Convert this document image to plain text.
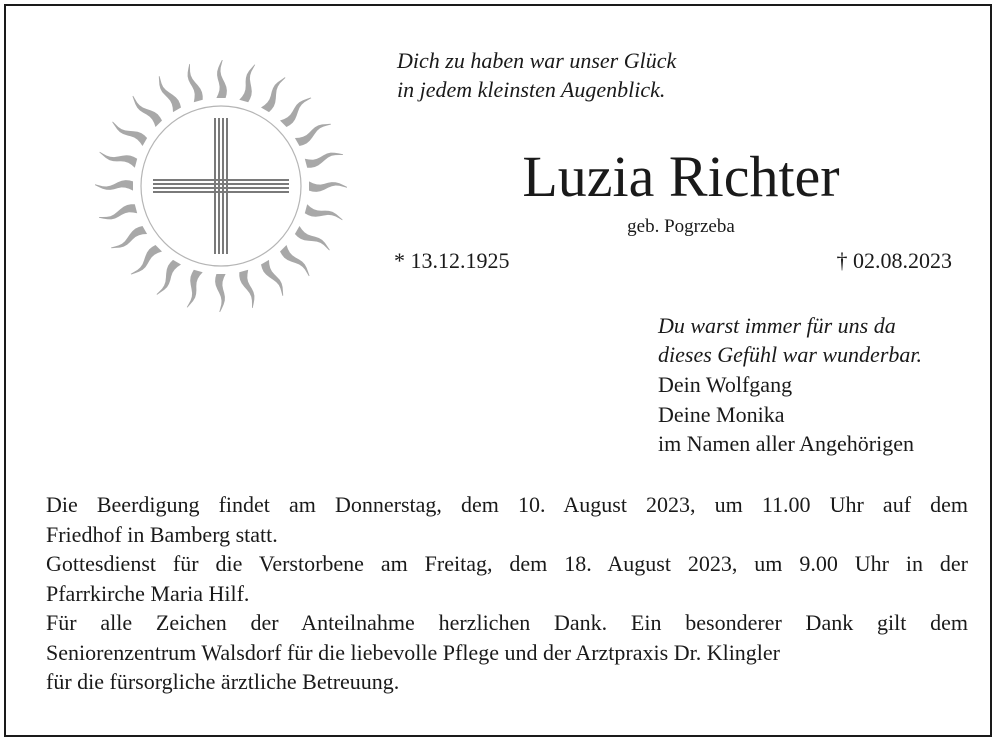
Dich zu haben war unser Glück
in jedem kleinsten Augenblick.
Luzia Richter
geb. Pogrzeba
* 13.12.1925	† 02.08.2023
Du warst immer für uns da
dieses Gefühl war wunderbar.
Dein Wolfgang
Deine Monika
im Namen aller Angehörigen
Die Beerdigung findet am Donnerstag, dem 10. August 2023, um 11.00 Uhr auf dem
Friedhof in Bamberg statt.
Gottesdienst für die Verstorbene am Freitag, dem 18. August 2023, um 9.00 Uhr in der
Pfarrkirche Maria Hilf.
Für alle Zeichen der Anteilnahme herzlichen Dank. Ein besonderer Dank gilt dem
Seniorenzentrum Walsdorf für die liebevolle Pflege und der Arztpraxis Dr. Klingler
für die fürsorgliche ärztliche Betreuung.
